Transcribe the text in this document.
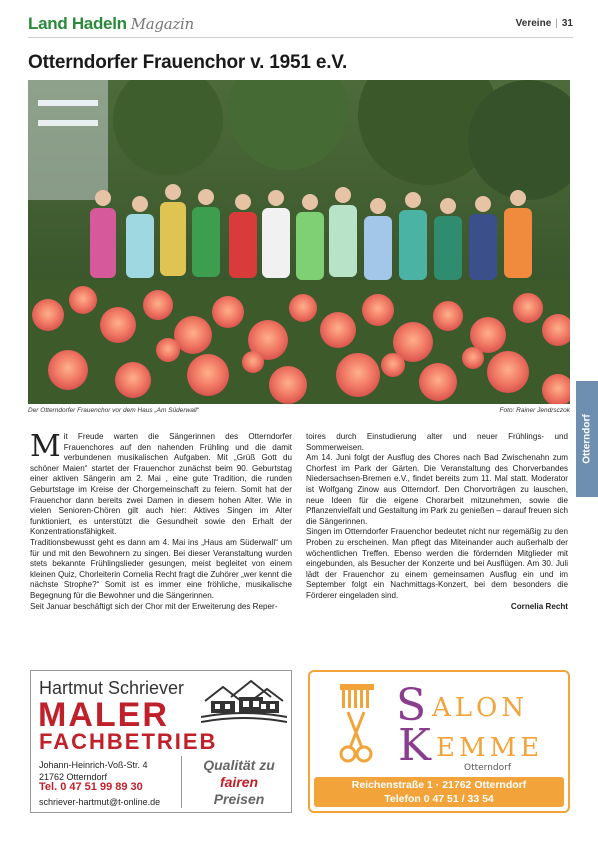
Land Hadeln Magazin	Vereine | 31
Otterndorfer Frauenchor v. 1951 e.V.
Der Otterndorfer Frauenchor vor dem Haus „Am Süderwall“	Foto: Rainer Jendrsczok
Otterndorf
M it Freude warten die Sängerinnen des Otterndorfer Frauenchores auf den nahenden Frühling und die damit verbundenen musikalischen Aufgaben. Mit „Grüß Gott du schöner Maien“ startet der Frauenchor zunächst beim 90. Geburtstag einer aktiven Sängerin am 2. Mai , eine gute Tradition, die runden Geburtstage im Kreise der Chorgemeinschaft zu feiern. Somit hat der Frauenchor dann bereits zwei Damen in diesem hohen Alter. Wie in vielen Senioren-Chören gilt auch hier: Aktives Singen im Alter funktioniert, es unterstützt die Gesundheit sowie den Erhalt der Konzentrationsfähigkeit.

Traditionsbewusst geht es dann am 4. Mai ins „Haus am Süderwall“ um für und mit den Bewohnern zu singen. Bei dieser Veranstaltung wurden stets bekannte Frühlingslieder gesungen, meist begleitet von einem kleinen Quiz, Chorleiterin Cornelia Recht fragt die Zuhörer „wer kennt die nächste Strophe?“ Somit ist es immer eine fröhliche, musikalische Begegnung für die Bewohner und die Sängerinnen.

Seit Januar beschäftigt sich der Chor mit der Erweiterung des Reper-

toires durch Einstudierung alter und neuer Frühlings- und Sommerweisen.

Am 14. Juni folgt der Ausflug des Chores nach Bad Zwischenahn zum Chorfest im Park der Gärten. Die Veranstaltung des Chorverbandes Niedersachsen-Bremen e.V., findet bereits zum 11. Mal statt. Moderator ist Wolfgang Zinow aus Otterndorf. Den Chorvorträgen zu lauschen, neue Ideen für die eigene Chorarbeit mitzunehmen, sowie die Pflanzenvielfalt und Gestaltung im Park zu genießen – darauf freuen sich die Sängerinnen.

Singen im Otterndorfer Frauenchor bedeutet nicht nur regemäßig zu den Proben zu erscheinen. Man pflegt das Miteinander auch außerhalb der wöchentlichen Treffen. Ebenso werden die fördernden Mitglieder mit eingebunden, als Besucher der Konzerte und bei Ausflügen. Am 30. Juli lädt der Frauenchor zu einem gemeinsamen Ausflug ein und im September folgt ein Nachmittags-Konzert, bei dem besonders die Förderer eingeladen sind.

Cornelia Recht

Hartmut Schriever
MALER
FACHBETRIEB
Johann-Heinrich-Voß-Str. 4
21762 Otterndorf
Tel. 0 47 51 99 89 30
schriever-hartmut@t-online.de
Qualität zu
fairen
Preisen
S ALON
K EMME
Otterndorf
Reichenstraße 1 · 21762 Otterndorf
Telefon 0 47 51 / 33 54
